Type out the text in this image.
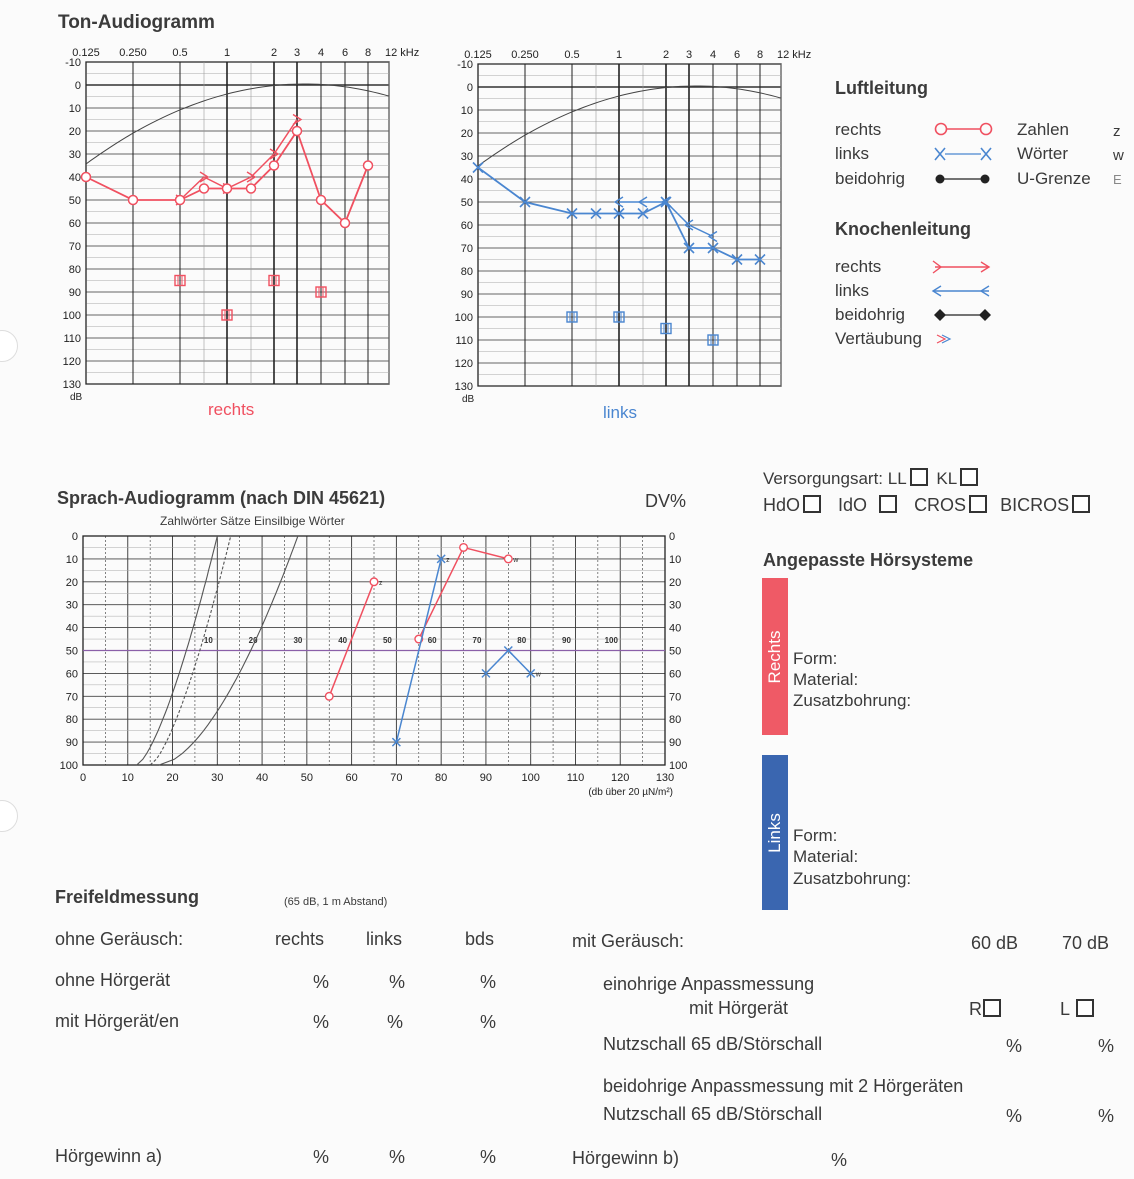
Ton-Audiogramm
0.125 0.250 0.5	1	2 3 4 6 8 12 kHz
-10
0
10
20
30
40
50
60
70
80
90
100
110
120
130
dB
0.125 0.250 0.5	1	2 3 4 6 8 12 kHz
-10
0
10
20
30
40
50
60
70
80
90
100
110
120
130
dB
rechts	links
Luftleitung
rechts
links
beidohrig
Zahlen
Wörter
U-Grenze
z
w
E
Knochenleitung
rechts
links
beidohrig
Vertäubung
Sprach-Audiogramm (nach DIN 45621)	DV%
Zahlwörter Sätze Einsilbige Wörter
100
90
80
70
60
50
40
30
20
10
0	0
10
20
30
40
50
60
70
80
90
100
0	10	20	30	40	50	60	70	80	90	100 110 120 130
10	20	30	40	50	60	70	80	90	100
(db über 20 µN/m²)
z
w
z
w
Versorgungsart: LL KL
HdO IdO	CROS BICROS
Angepasste Hörsysteme
Rechts Form:
Material:
Zusatzbohrung:
Links Form:
Material:
Zusatzbohrung:
Freifeldmessung	(65 dB, 1 m Abstand)
ohne Geräusch:	rechts links	bds
ohne Hörgerät	%	%	%
mit Hörgerät/en	%	%	%
Hörgewinn a)	%	%	%
mit Geräusch:	60 dB 70 dB
einohrige Anpassmessung
mit Hörgerät	R	L
Nutzschall 65 dB/Störschall	%	%
beidohrige Anpassmessung mit 2 Hörgeräten
Nutzschall 65 dB/Störschall	%	%
Hörgewinn b)	%
